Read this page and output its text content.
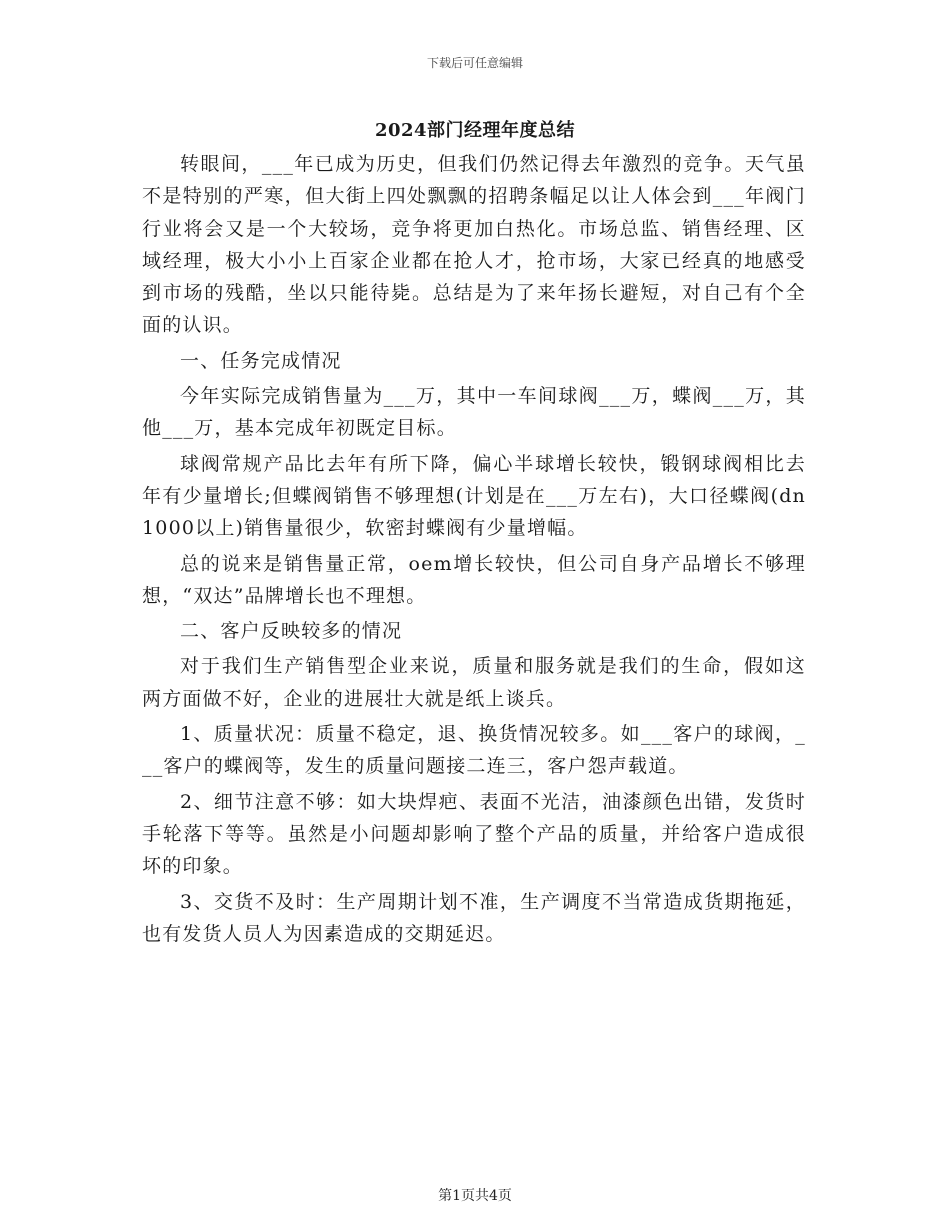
下载后可任意编辑
2024部门经理年度总结

转眼间，___年已成为历史，但我们仍然记得去年激烈的竞争。天气虽不是特别的严寒，但大街上四处飘飘的招聘条幅足以让人体会到___年阀门行业将会又是一个大较场，竞争将更加白热化。市场总监、销售经理、区域经理，极大小小上百家企业都在抢人才，抢市场，大家已经真的地感受到市场的残酷，坐以只能待毙。总结是为了来年扬长避短，对自己有个全面的认识。

一、任务完成情况

今年实际完成销售量为___万，其中一车间球阀___万，蝶阀___万，其他___万，基本完成年初既定目标。

球阀常规产品比去年有所下降，偏心半球增长较快，锻钢球阀相比去年有少量增长;但蝶阀销售不够理想(计划是在___万左右)，大口径蝶阀(dn1000以上)销售量很少，软密封蝶阀有少量增幅。

总的说来是销售量正常，oem增长较快，但公司自身产品增长不够理想，“双达”品牌增长也不理想。

二、客户反映较多的情况

对于我们生产销售型企业来说，质量和服务就是我们的生命，假如这两方面做不好，企业的进展壮大就是纸上谈兵。

1、质量状况：质量不稳定，退、换货情况较多。如___客户的球阀，___客户的蝶阀等，发生的质量问题接二连三，客户怨声载道。

2、细节注意不够：如大块焊疤、表面不光洁，油漆颜色出错，发货时手轮落下等等。虽然是小问题却影响了整个产品的质量，并给客户造成很坏的印象。

3、交货不及时：生产周期计划不准，生产调度不当常造成货期拖延，也有发货人员人为因素造成的交期延迟。

第1页共4页
